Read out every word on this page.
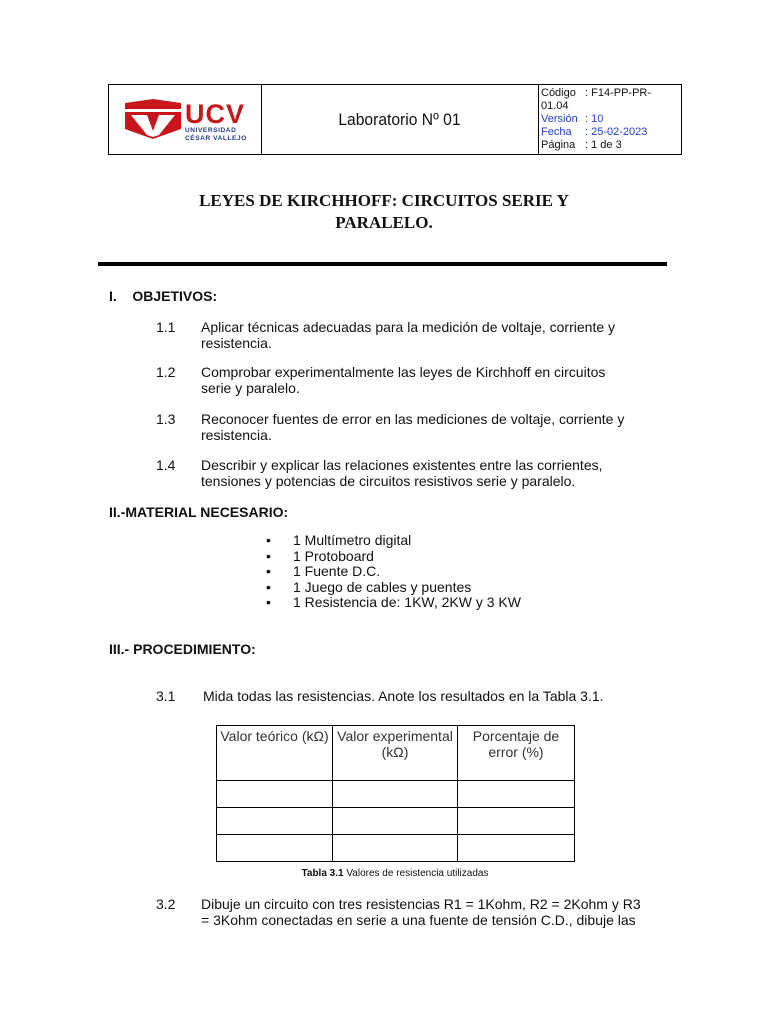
UCV
UNIVERSIDAD
CÉSAR VALLEJO
Laboratorio Nº 01
Código : F14-PP-PR-
01.04
Versión : 10
Fecha : 25-02-2023
Página : 1 de 3
LEYES DE KIRCHHOFF: CIRCUITOS SERIE Y
PARALELO.
I.    OBJETIVOS:
1.1 Aplicar técnicas adecuadas para la medición de voltaje, corriente y resistencia.
1.2 Comprobar experimentalmente las leyes de Kirchhoff en circuitos serie y paralelo.
1.3 Reconocer fuentes de error en las mediciones de voltaje, corriente y resistencia.
1.4 Describir y explicar las relaciones existentes entre las corrientes, tensiones y potencias de circuitos resistivos serie y paralelo.
II.-MATERIAL NECESARIO:
• 1 Multímetro digital
• 1 Protoboard
• 1 Fuente D.C.
• 1 Juego de cables y puentes
• 1 Resistencia de: 1KW, 2KW y 3 KW
III.- PROCEDIMIENTO:
3.1 Mida todas las resistencias. Anote los resultados en la Tabla 3.1.
Valor teórico (kΩ)	Valor experimental (kΩ)	Porcentaje de error (%)

Tabla 3.1 Valores de resistencia utilizadas
3.2 Dibuje un circuito con tres resistencias R1 = 1Kohm, R2 = 2Kohm y R3 = 3Kohm conectadas en serie a una fuente de tensión C.D., dibuje las
